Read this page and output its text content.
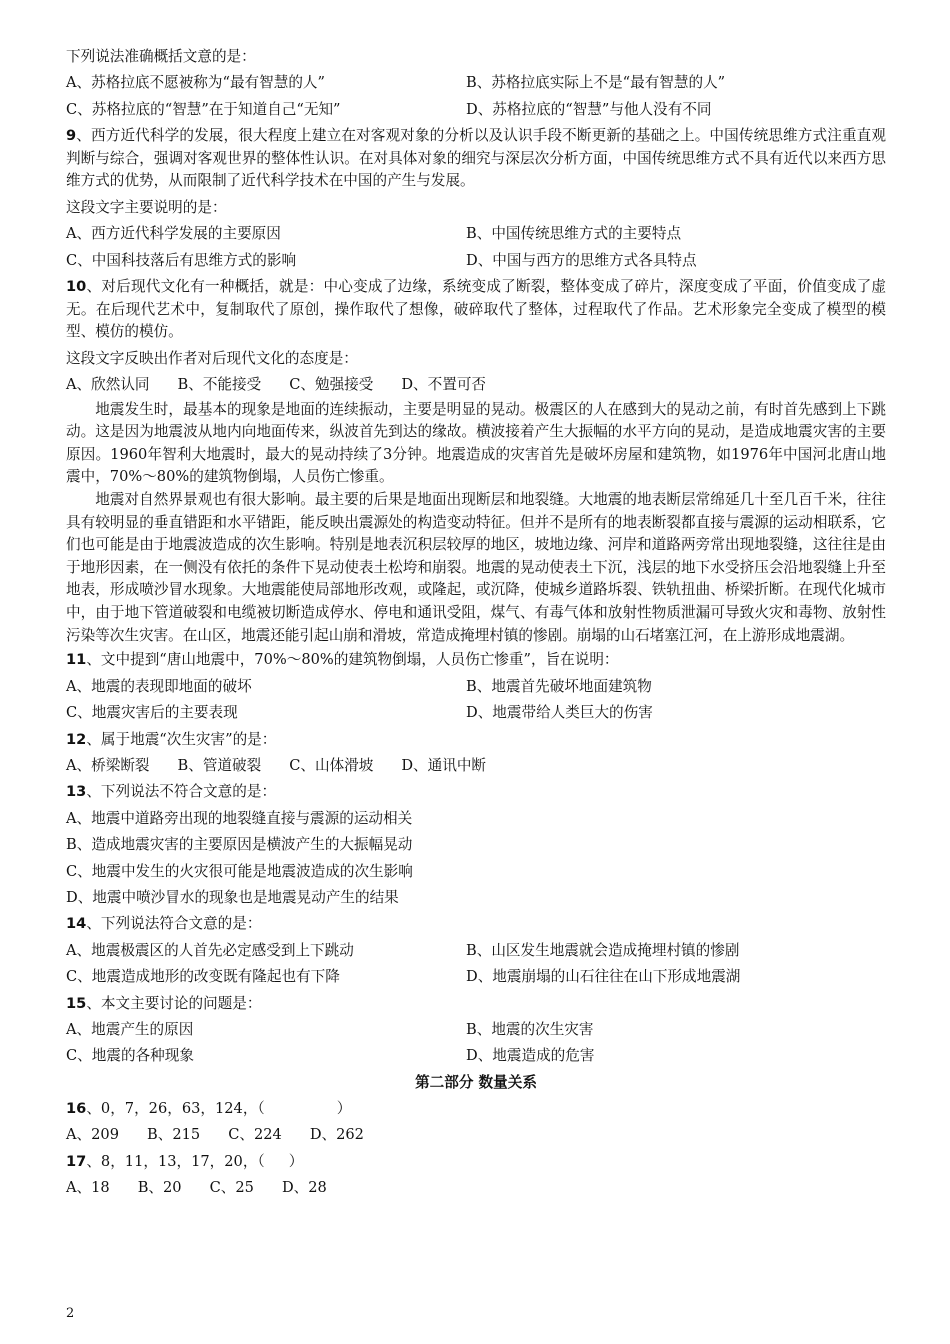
下列说法准确概括文意的是：
A、苏格拉底不愿被称为“最有智慧的人”	B、苏格拉底实际上不是“最有智慧的人”
C、苏格拉底的“智慧”在于知道自己“无知”	D、苏格拉底的“智慧”与他人没有不同

9、西方近代科学的发展，很大程度上建立在对客观对象的分析以及认识手段不断更新的基础之上。中国传统思维方式注重直观判断与综合，强调对客观世界的整体性认识。在对具体对象的细究与深层次分析方面，中国传统思维方式不具有近代以来西方思维方式的优势，从而限制了近代科学技术在中国的产生与发展。

这段文字主要说明的是：
A、西方近代科学发展的主要原因	B、中国传统思维方式的主要特点
C、中国科技落后有思维方式的影响	D、中国与西方的思维方式各具特点

10、对后现代文化有一种概括，就是：中心变成了边缘，系统变成了断裂，整体变成了碎片，深度变成了平面，价值变成了虚无。在后现代艺术中，复制取代了原创，操作取代了想像，破碎取代了整体，过程取代了作品。艺术形象完全变成了模型的模型、模仿的模仿。

这段文字反映出作者对后现代文化的态度是：
A、欣然认同 B、不能接受 C、勉强接受 D、不置可否

地震发生时，最基本的现象是地面的连续振动，主要是明显的晃动。极震区的人在感到大的晃动之前，有时首先感到上下跳动。这是因为地震波从地内向地面传来，纵波首先到达的缘故。横波接着产生大振幅的水平方向的晃动，是造成地震灾害的主要原因。1960年智利大地震时，最大的晃动持续了3分钟。地震造成的灾害首先是破坏房屋和建筑物，如1976年中国河北唐山地震中，70%～80%的建筑物倒塌，人员伤亡惨重。

地震对自然界景观也有很大影响。最主要的后果是地面出现断层和地裂缝。大地震的地表断层常绵延几十至几百千米，往往具有较明显的垂直错距和水平错距，能反映出震源处的构造变动特征。但并不是所有的地表断裂都直接与震源的运动相联系，它们也可能是由于地震波造成的次生影响。特别是地表沉积层较厚的地区，坡地边缘、河岸和道路两旁常出现地裂缝，这往往是由于地形因素，在一侧没有依托的条件下晃动使表土松垮和崩裂。地震的晃动使表土下沉，浅层的地下水受挤压会沿地裂缝上升至地表，形成喷沙冒水现象。大地震能使局部地形改观，或隆起，或沉降，使城乡道路坼裂、铁轨扭曲、桥梁折断。在现代化城市中，由于地下管道破裂和电缆被切断造成停水、停电和通讯受阻，煤气、有毒气体和放射性物质泄漏可导致火灾和毒物、放射性污染等次生灾害。在山区，地震还能引起山崩和滑坡，常造成掩埋村镇的惨剧。崩塌的山石堵塞江河，在上游形成地震湖。

11、文中提到“唐山地震中，70%～80%的建筑物倒塌，人员伤亡惨重”，旨在说明：

A、地震的表现即地面的破坏	B、地震首先破坏地面建筑物
C、地震灾害后的主要表现	D、地震带给人类巨大的伤害
12、属于地震“次生灾害”的是：
A、桥梁断裂 B、管道破裂 C、山体滑坡 D、通讯中断
13、下列说法不符合文意的是：
A、地震中道路旁出现的地裂缝直接与震源的运动相关
B、造成地震灾害的主要原因是横波产生的大振幅晃动
C、地震中发生的火灾很可能是地震波造成的次生影响
D、地震中喷沙冒水的现象也是地震晃动产生的结果
14、下列说法符合文意的是：
A、地震极震区的人首先必定感受到上下跳动	B、山区发生地震就会造成掩埋村镇的惨剧
C、地震造成地形的改变既有隆起也有下降	D、地震崩塌的山石往往在山下形成地震湖
15、本文主要讨论的问题是：
A、地震产生的原因	B、地震的次生灾害
C、地震的各种现象	D、地震造成的危害
第二部分 数量关系
16、0，7，26，63，124，（	）
A、209 B、215 C、224 D、262
17、8，11，13，17，20，（ ）
A、18 B、20 C、25 D、28
2
